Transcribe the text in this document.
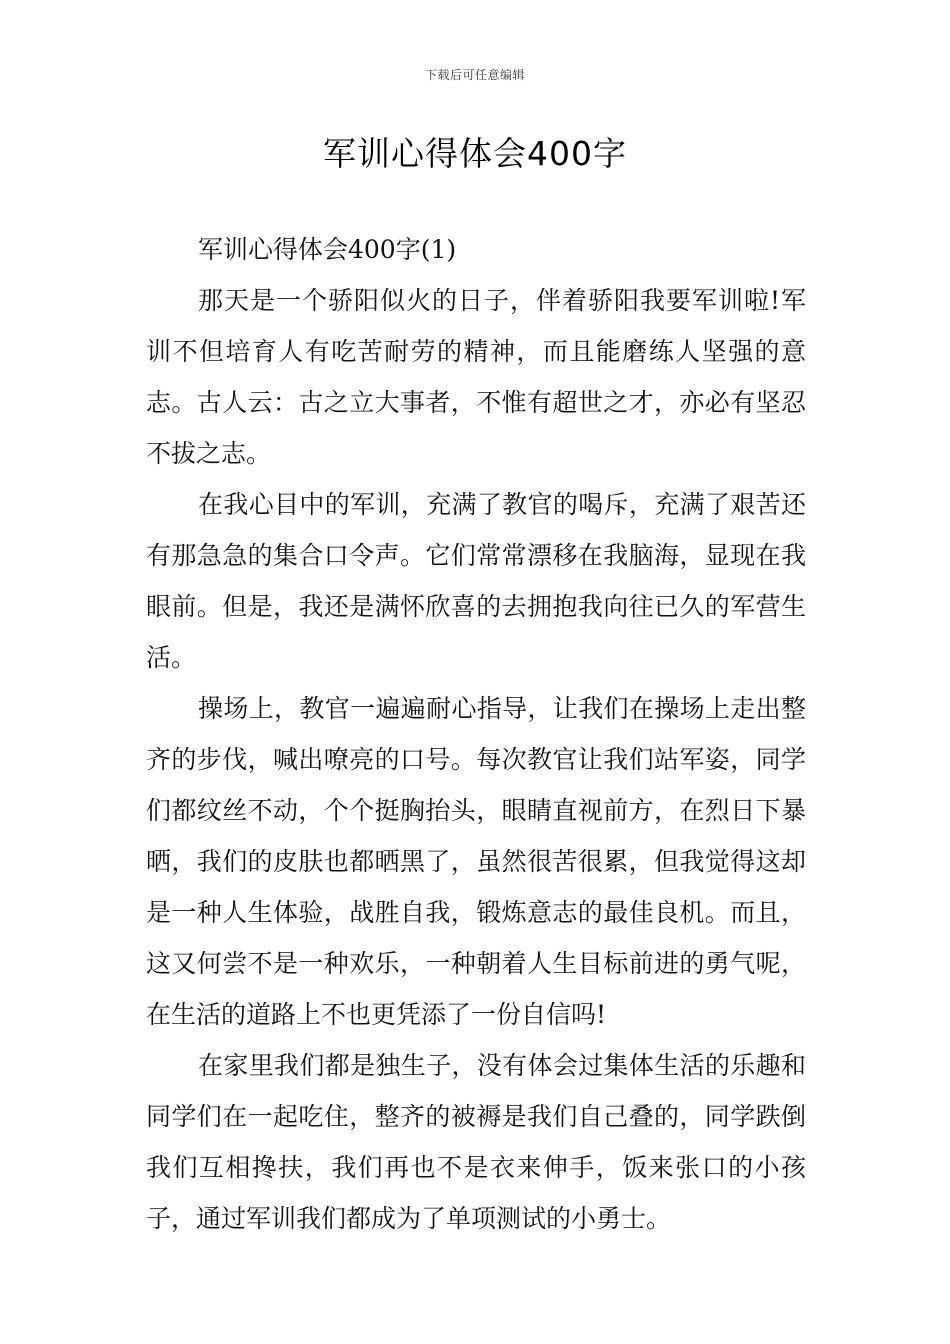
下载后可任意编辑
军训心得体会400字

军训心得体会400字(1)

那天是一个骄阳似火的日子，伴着骄阳我要军训啦!军训不但培育人有吃苦耐劳的精神，而且能磨练人坚强的意志。古人云：古之立大事者，不惟有超世之才，亦必有坚忍不拔之志。

在我心目中的军训，充满了教官的喝斥，充满了艰苦还有那急急的集合口令声。它们常常漂移在我脑海，显现在我眼前。但是，我还是满怀欣喜的去拥抱我向往已久的军营生活。

操场上，教官一遍遍耐心指导，让我们在操场上走出整齐的步伐，喊出嘹亮的口号。每次教官让我们站军姿，同学们都纹丝不动，个个挺胸抬头，眼睛直视前方，在烈日下暴晒，我们的皮肤也都晒黑了，虽然很苦很累，但我觉得这却是一种人生体验，战胜自我，锻炼意志的最佳良机。而且，这又何尝不是一种欢乐，一种朝着人生目标前进的勇气呢，在生活的道路上不也更凭添了一份自信吗!

在家里我们都是独生子，没有体会过集体生活的乐趣和同学们在一起吃住，整齐的被褥是我们自己叠的，同学跌倒我们互相搀扶，我们再也不是衣来伸手，饭来张口的小孩子，通过军训我们都成为了单项测试的小勇士。
